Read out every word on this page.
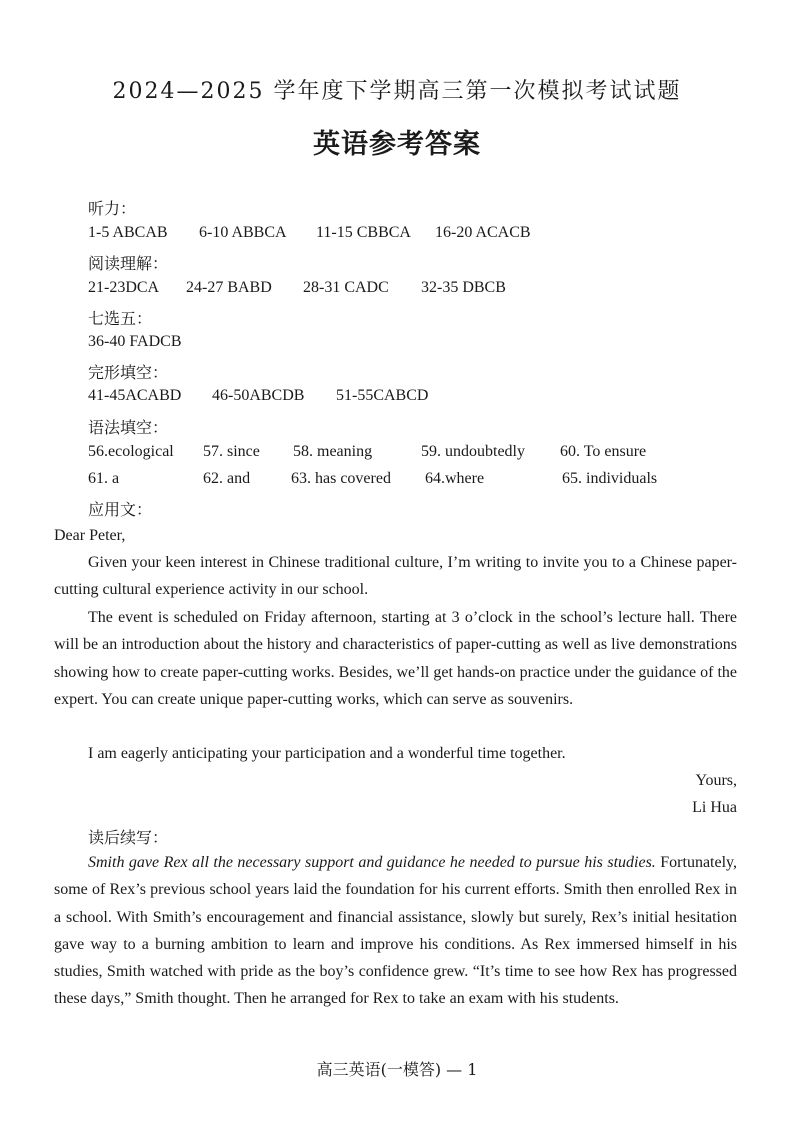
2024—2025 学年度下学期高三第一次模拟考试试题
英语参考答案
听力：
1-5 ABCAB 6-10 ABBCA 11-15 CBBCA 16-20 ACACB
阅读理解：
21-23DCA 24-27 BABD 28-31 CADC 32-35 DBCB
七选五：
36-40 FADCB
完形填空：
41-45ACABD 46-50ABCDB 51-55CABCD
语法填空：
56.ecological 57. since 58. meaning	59. undoubtedly 60. To ensure
61. a	62. and	63. has covered 64.where	65. individuals
应用文：
Dear Peter,
Given your keen interest in Chinese traditional culture, I’m writing to invite you to a Chinese paper-cutting cultural experience activity in our school.
The event is scheduled on Friday afternoon, starting at 3 o’clock in the school’s lecture hall. There will be an introduction about the history and characteristics of paper-cutting as well as live demonstrations showing how to create paper-cutting works. Besides, we’ll get hands-on practice under the guidance of the expert. You can create unique paper-cutting works, which can serve as souvenirs.
I am eagerly anticipating your participation and a wonderful time together.
Yours,
Li Hua
读后续写：
Smith gave Rex all the necessary support and guidance he needed to pursue his studies. Fortunately, some of Rex’s previous school years laid the foundation for his current efforts. Smith then enrolled Rex in a school. With Smith’s encouragement and financial assistance, slowly but surely, Rex’s initial hesitation gave way to a burning ambition to learn and improve his conditions. As Rex immersed himself in his studies, Smith watched with pride as the boy’s confidence grew. “It’s time to see how Rex has progressed these days,” Smith thought. Then he arranged for Rex to take an exam with his students.
高三英语(一模答) — 1
